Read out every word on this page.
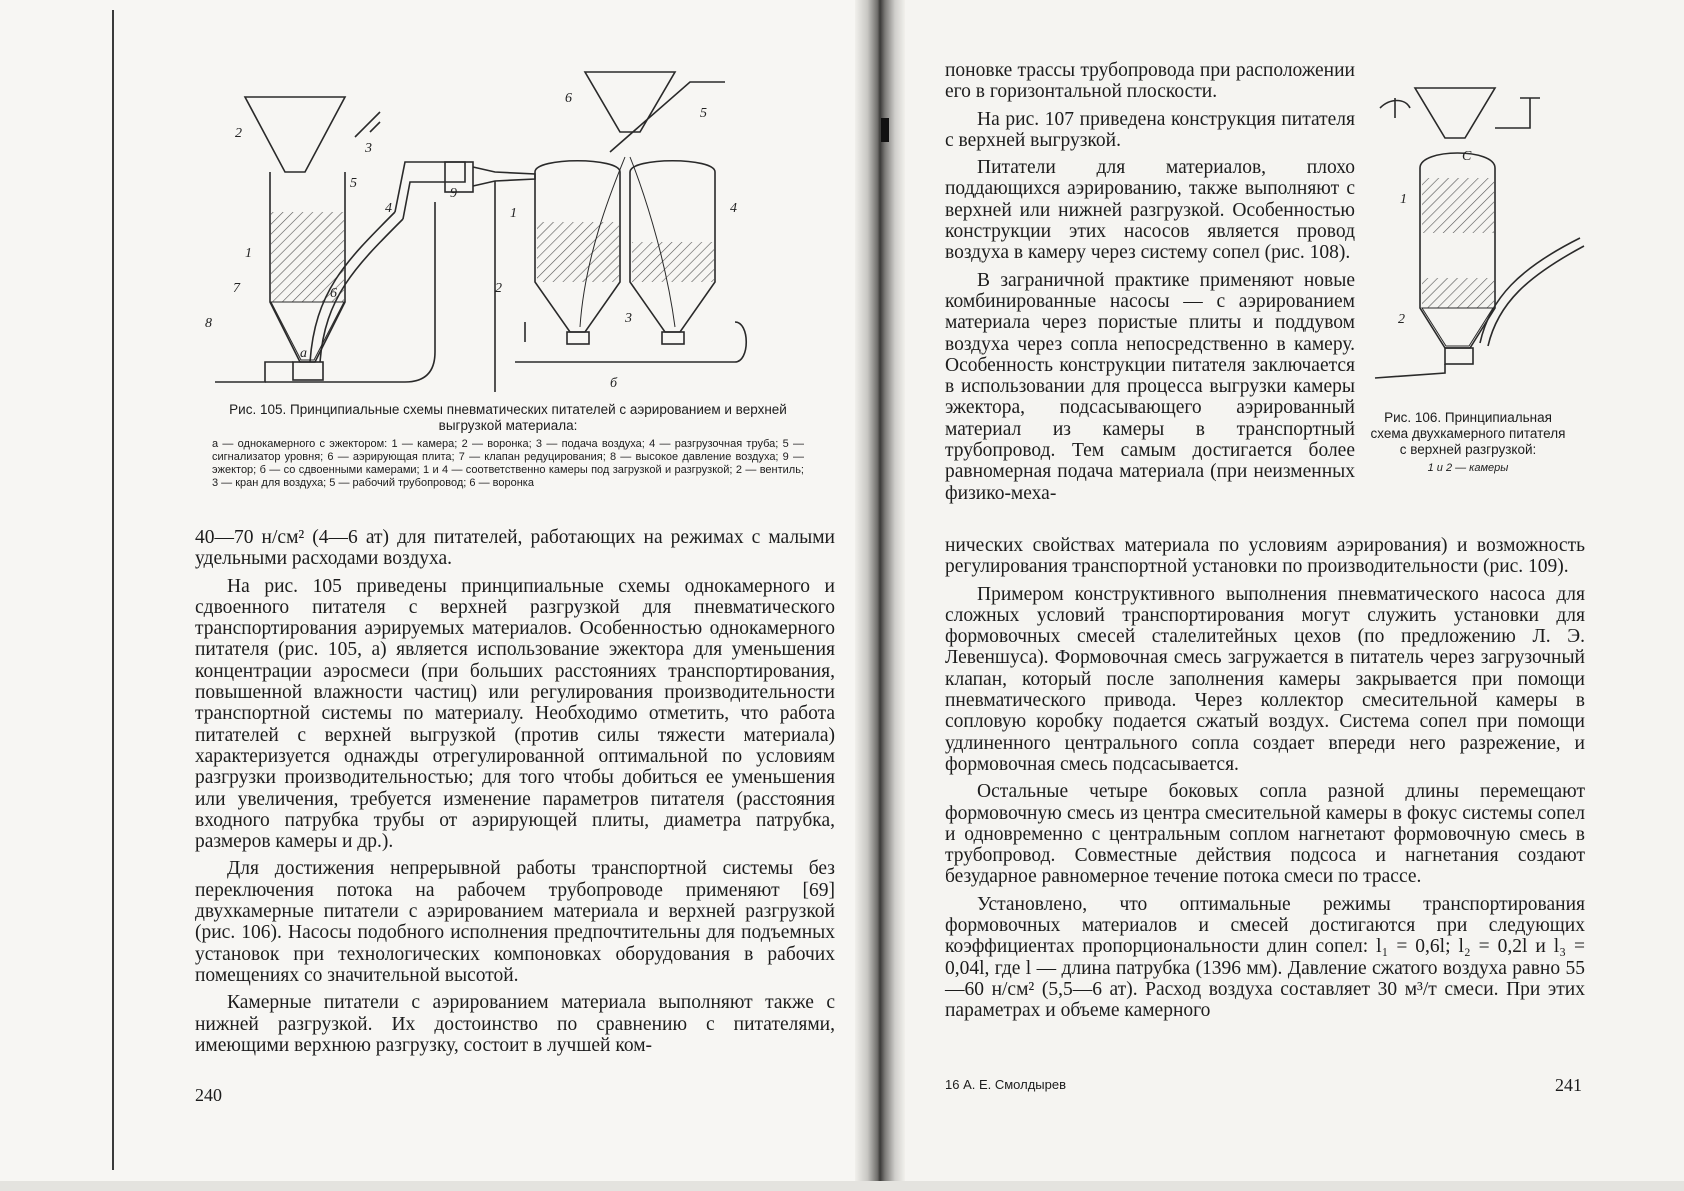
2
3
4
5
1
6
7
8
9
а
1
2
3
4
5
6
б

Рис. 105. Принципиальные схемы пневматических питателей с аэрированием и верхней выгрузкой материала:

а — однокамерного с эжектором: 1 — камера; 2 — воронка; 3 — подача воздуха; 4 — разгрузочная труба; 5 — сигнализатор уровня; 6 — аэрирующая плита; 7 — клапан редуцирования; 8 — высокое давление воздуха; 9 — эжектор; б — со сдвоенными камерами; 1 и 4 — соответственно камеры под загрузкой и разгрузкой; 2 — вентиль; 3 — кран для воздуха; 5 — рабочий трубопровод; 6 — воронка

40—70 н/см² (4—6 ат) для питателей, работающих на режимах с малыми удельными расходами воздуха.

На рис. 105 приведены принципиальные схемы однокамерного и сдвоенного питателя с верхней разгрузкой для пневматического транспортирования аэрируемых материалов. Особенностью однокамерного питателя (рис. 105, а) является использование эжектора для уменьшения концентрации аэросмеси (при больших расстояниях транспортирования, повышенной влажности частиц) или регулирования производительности транспортной системы по материалу. Необходимо отметить, что работа питателей с верхней выгрузкой (против силы тяжести материала) характеризуется однажды отрегулированной оптимальной по условиям разгрузки производительностью; для того чтобы добиться ее уменьшения или увеличения, требуется изменение параметров питателя (расстояния входного патрубка трубы от аэрирующей плиты, диаметра патрубка, размеров камеры и др.).

Для достижения непрерывной работы транспортной системы без переключения потока на рабочем трубопроводе применяют [69] двухкамерные питатели с аэрированием материала и верхней разгрузкой (рис. 106). Насосы подобного исполнения предпочтительны для подъемных установок при технологических компоновках оборудования в рабочих помещениях со значительной высотой.

Камерные питатели с аэрированием материала выполняют также с нижней разгрузкой. Их достоинство по сравнению с питателями, имеющими верхнюю разгрузку, состоит в лучшей ком-

240

поновке трассы трубопровода при расположении его в горизонтальной плоскости.

На рис. 107 приведена конструкция питателя с верхней выгрузкой.

Питатели для материалов, плохо поддающихся аэрированию, также выполняют с верхней или нижней разгрузкой. Особенностью конструкции этих насосов является провод воздуха в камеру через систему сопел (рис. 108).

В заграничной практике применяют новые комбинированные насосы — с аэрированием материала через пористые плиты и поддувом воздуха через сопла непосредственно в камеру. Особенность конструкции питателя заключается в использовании для процесса выгрузки камеры эжектора, подсасывающего аэрированный материал из камеры в транспортный трубопровод. Тем самым достигается более равномерная подача материала (при неизменных физико-меха-

1
2
С

Рис. 106. Принципиальная схема двухкамерного питателя с верхней разгрузкой:

1 и 2 — камеры

нических свойствах материала по условиям аэрирования) и возможность регулирования транспортной установки по производительности (рис. 109).

Примером конструктивного выполнения пневматического насоса для сложных условий транспортирования могут служить установки для формовочных смесей сталелитейных цехов (по предложению Л. Э. Левеншуса). Формовочная смесь загружается в питатель через загрузочный клапан, который после заполнения камеры закрывается при помощи пневматического привода. Через коллектор смесительной камеры в сопловую коробку подается сжатый воздух. Система сопел при помощи удлиненного центрального сопла создает впереди него разрежение, и формовочная смесь подсасывается.

Остальные четыре боковых сопла разной длины перемещают формовочную смесь из центра смесительной камеры в фокус системы сопел и одновременно с центральным соплом нагнетают формовочную смесь в трубопровод. Совместные действия подсоса и нагнетания создают безударное равномерное течение потока смеси по трассе.

Установлено, что оптимальные режимы транспортирования формовочных материалов и смесей достигаются при следующих коэффициентах пропорциональности длин сопел: l₁ = 0,6l; l₂ = 0,2l и l₃ = 0,04l, где l — длина патрубка (1396 мм). Давление сжатого воздуха равно 55—60 н/см² (5,5—6 ат). Расход воздуха составляет 30 м³/т смеси. При этих параметрах и объеме камерного

16 А. Е. Смолдырев	241
